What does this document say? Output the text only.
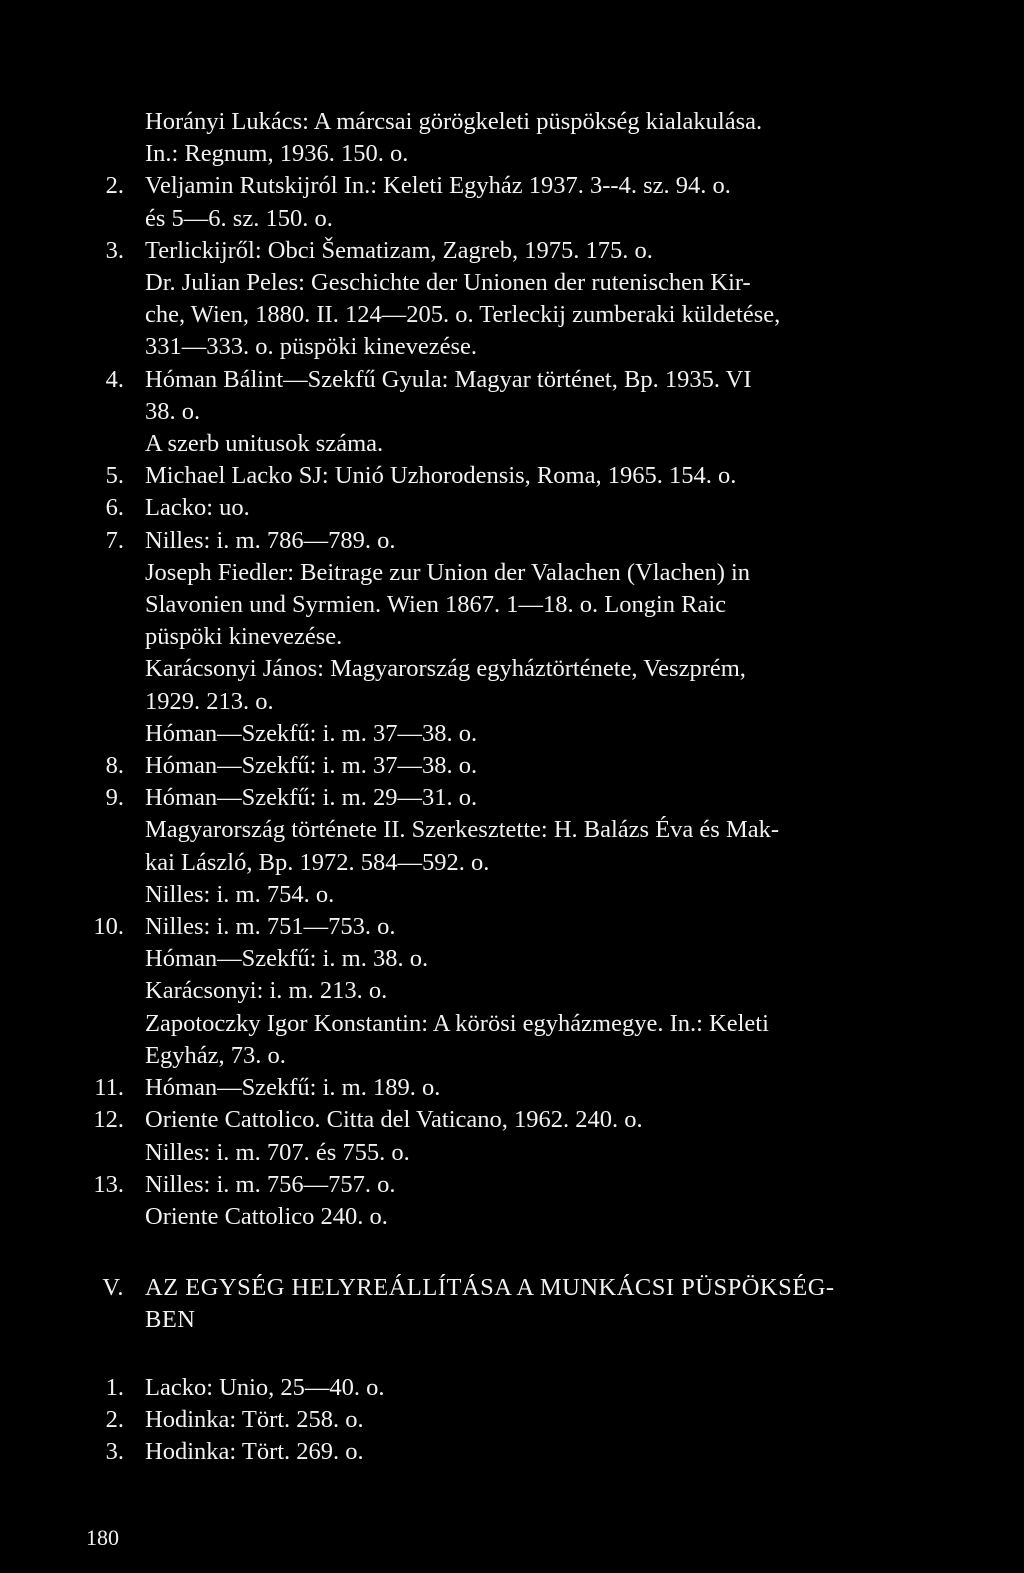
Horányi Lukács: A márcsai görögkeleti püspökség kialakulása.
In.: Regnum, 1936. 150. o.
2. Veljamin Rutskijról In.: Keleti Egyház 1937. 3--4. sz. 94. o.
és 5—6. sz. 150. o.
3. Terlickijről: Obci Šematizam, Zagreb, 1975. 175. o.
Dr. Julian Peles: Geschichte der Unionen der rutenischen Kir-
che, Wien, 1880. II. 124—205. o. Terleckij zumberaki küldetése,
331—333. o. püspöki kinevezése.
4. Hóman Bálint—Szekfű Gyula: Magyar történet, Bp. 1935. VI
38. o.
A szerb unitusok száma.
5. Michael Lacko SJ: Unió Uzhorodensis, Roma, 1965. 154. o.
6. Lacko: uo.
7. Nilles: i. m. 786—789. o.
Joseph Fiedler: Beitrage zur Union der Valachen (Vlachen) in
Slavonien und Syrmien. Wien 1867. 1—18. o. Longin Raic
püspöki kinevezése.
Karácsonyi János: Magyarország egyháztörténete, Veszprém,
1929. 213. o.
Hóman—Szekfű: i. m. 37—38. o.
8. Hóman—Szekfű: i. m. 37—38. o.
9. Hóman—Szekfű: i. m. 29—31. o.
Magyarország története II. Szerkesztette: H. Balázs Éva és Mak-
kai László, Bp. 1972. 584—592. o.
Nilles: i. m. 754. o.
10. Nilles: i. m. 751—753. o.
Hóman—Szekfű: i. m. 38. o.
Karácsonyi: i. m. 213. o.
Zapotoczky Igor Konstantin: A körösi egyházmegye. In.: Keleti
Egyház, 73. o.
11. Hóman—Szekfű: i. m. 189. o.
12. Oriente Cattolico. Citta del Vaticano, 1962. 240. o.
Nilles: i. m. 707. és 755. o.
13. Nilles: i. m. 756—757. o.
Oriente Cattolico 240. o.
V. AZ EGYSÉG HELYREÁLLÍTÁSA A MUNKÁCSI PÜSPÖKSÉG-
BEN
1. Lacko: Unio, 25—40. o.
2. Hodinka: Tört. 258. o.
3. Hodinka: Tört. 269. o.
180
